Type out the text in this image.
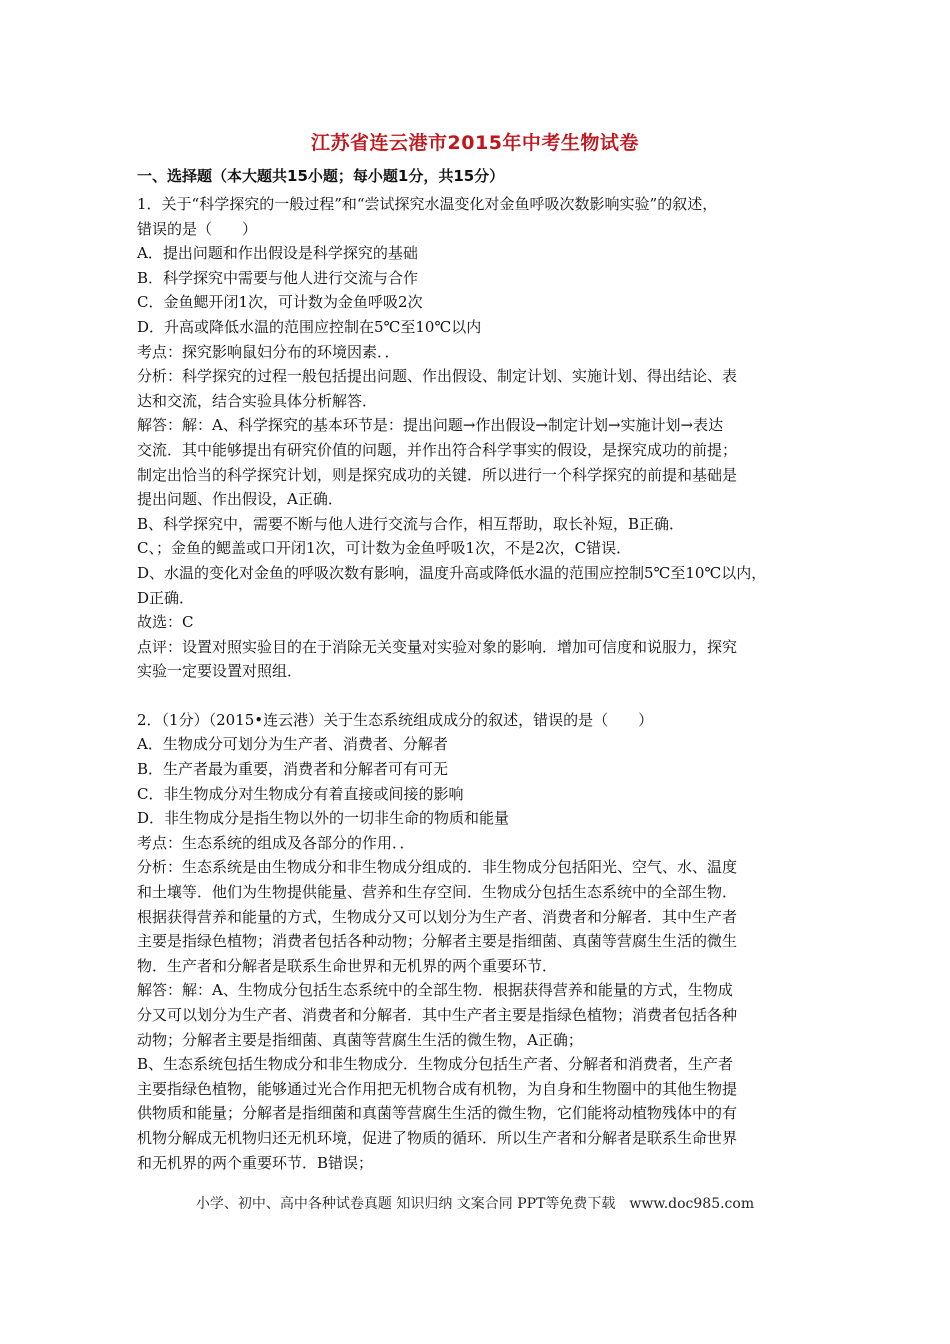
江苏省连云港市2015年中考生物试卷
一、选择题（本大题共15小题；每小题1分，共15分）
1．关于“科学探究的一般过程”和“尝试探究水温变化对金鱼呼吸次数影响实验”的叙述，
错误的是（　　）
A．提出问题和作出假设是科学探究的基础
B．科学探究中需要与他人进行交流与合作
C．金鱼鳃开闭1次，可计数为金鱼呼吸2次
D．升高或降低水温的范围应控制在5℃至10℃以内
考点：探究影响鼠妇分布的环境因素．．
分析：科学探究的过程一般包括提出问题、作出假设、制定计划、实施计划、得出结论、表
达和交流，结合实验具体分析解答．
解答：解：A、科学探究的基本环节是：提出问题→作出假设→制定计划→实施计划→表达
交流．其中能够提出有研究价值的问题，并作出符合科学事实的假设，是探究成功的前提；
制定出恰当的科学探究计划，则是探究成功的关键．所以进行一个科学探究的前提和基础是
提出问题、作出假设，A正确．
B、科学探究中，需要不断与他人进行交流与合作，相互帮助，取长补短，B正确．
C、；金鱼的鳃盖或口开闭1次，可计数为金鱼呼吸1次，不是2次，C错误．
D、水温的变化对金鱼的呼吸次数有影响，温度升高或降低水温的范围应控制5℃至10℃以内，
D正确．
故选：C
点评：设置对照实验目的在于消除无关变量对实验对象的影响．增加可信度和说服力，探究
实验一定要设置对照组．
2．（1分）（2015•连云港）关于生态系统组成成分的叙述，错误的是（　　）
A．生物成分可划分为生产者、消费者、分解者
B．生产者最为重要，消费者和分解者可有可无
C．非生物成分对生物成分有着直接或间接的影响
D．非生物成分是指生物以外的一切非生命的物质和能量
考点：生态系统的组成及各部分的作用．．
分析：生态系统是由生物成分和非生物成分组成的．非生物成分包括阳光、空气、水、温度
和土壤等．他们为生物提供能量、营养和生存空间．生物成分包括生态系统中的全部生物．
根据获得营养和能量的方式，生物成分又可以划分为生产者、消费者和分解者．其中生产者
主要是指绿色植物；消费者包括各种动物；分解者主要是指细菌、真菌等营腐生生活的微生
物．生产者和分解者是联系生命世界和无机界的两个重要环节．
解答：解：A、生物成分包括生态系统中的全部生物．根据获得营养和能量的方式，生物成
分又可以划分为生产者、消费者和分解者．其中生产者主要是指绿色植物；消费者包括各种
动物；分解者主要是指细菌、真菌等营腐生生活的微生物，A正确；
B、生态系统包括生物成分和非生物成分．生物成分包括生产者、分解者和消费者，生产者
主要指绿色植物，能够通过光合作用把无机物合成有机物，为自身和生物圈中的其他生物提
供物质和能量；分解者是指细菌和真菌等营腐生生活的微生物，它们能将动植物残体中的有
机物分解成无机物归还无机环境，促进了物质的循环．所以生产者和分解者是联系生命世界
和无机界的两个重要环节．B错误；
小学、初中、高中各种试卷真题 知识归纳 文案合同 PPT等免费下载　www.doc985.com
